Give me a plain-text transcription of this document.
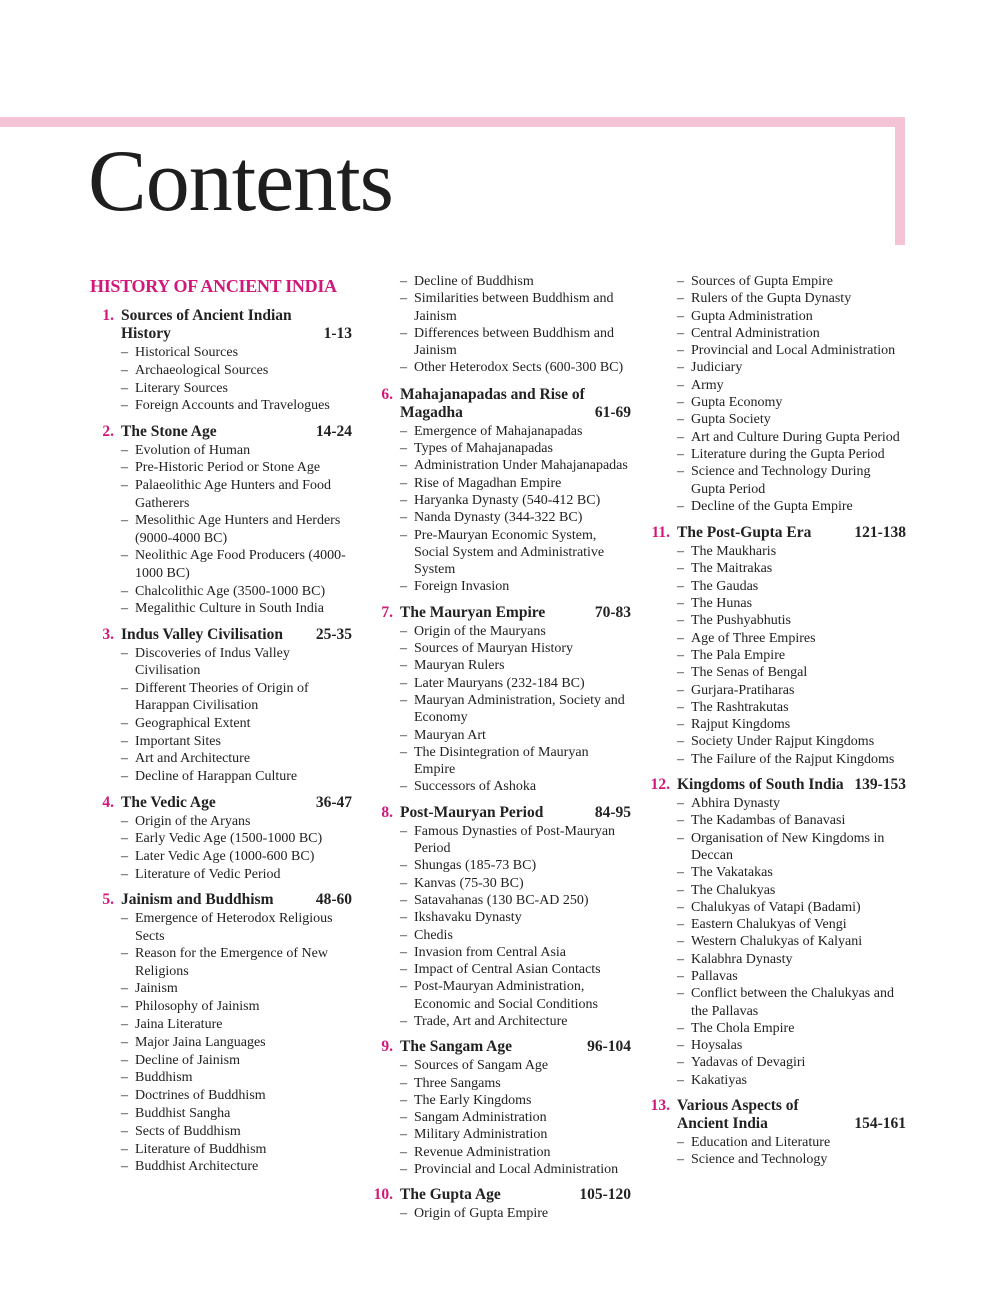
Contents
HISTORY OF ANCIENT INDIA
1. Sources of Ancient Indian History	1-13
– Historical Sources
– Archaeological Sources
– Literary Sources
– Foreign Accounts and Travelogues
2. The Stone Age	14-24
– Evolution of Human
– Pre-Historic Period or Stone Age
– Palaeolithic Age Hunters and Food Gatherers
– Mesolithic Age Hunters and Herders (9000-4000 BC)
– Neolithic Age Food Producers (4000-1000 BC)
– Chalcolithic Age (3500-1000 BC)
– Megalithic Culture in South India
3. Indus Valley Civilisation	25-35
– Discoveries of Indus Valley Civilisation
– Different Theories of Origin of Harappan Civilisation
– Geographical Extent
– Important Sites
– Art and Architecture
– Decline of Harappan Culture
4. The Vedic Age	36-47
– Origin of the Aryans
– Early Vedic Age (1500-1000 BC)
– Later Vedic Age (1000-600 BC)
– Literature of Vedic Period
5. Jainism and Buddhism	48-60
– Emergence of Heterodox Religious Sects
– Reason for the Emergence of New Religions
– Jainism
– Philosophy of Jainism
– Jaina Literature
– Major Jaina Languages
– Decline of Jainism
– Buddhism
– Doctrines of Buddhism
– Buddhist Sangha
– Sects of Buddhism
– Literature of Buddhism
– Buddhist Architecture
– Decline of Buddhism
– Similarities between Buddhism and Jainism
– Differences between Buddhism and Jainism
– Other Heterodox Sects (600-300 BC)
6. Mahajanapadas and Rise of Magadha	61-69
– Emergence of Mahajanapadas
– Types of Mahajanapadas
– Administration Under Mahajanapadas
– Rise of Magadhan Empire
– Haryanka Dynasty (540-412 BC)
– Nanda Dynasty (344-322 BC)
– Pre-Mauryan Economic System, Social System and Administrative System
– Foreign Invasion
7. The Mauryan Empire	70-83
– Origin of the Mauryans
– Sources of Mauryan History
– Mauryan Rulers
– Later Mauryans (232-184 BC)
– Mauryan Administration, Society and Economy
– Mauryan Art
– The Disintegration of Mauryan Empire
– Successors of Ashoka
8. Post-Mauryan Period	84-95
– Famous Dynasties of Post-Mauryan Period
– Shungas (185-73 BC)
– Kanvas (75-30 BC)
– Satavahanas (130 BC-AD 250)
– Ikshavaku Dynasty
– Chedis
– Invasion from Central Asia
– Impact of Central Asian Contacts
– Post-Mauryan Administration, Economic and Social Conditions
– Trade, Art and Architecture
9. The Sangam Age	96-104
– Sources of Sangam Age
– Three Sangams
– The Early Kingdoms
– Sangam Administration
– Military Administration
– Revenue Administration
– Provincial and Local Administration
10. The Gupta Age	105-120
– Origin of Gupta Empire
– Sources of Gupta Empire
– Rulers of the Gupta Dynasty
– Gupta Administration
– Central Administration
– Provincial and Local Administration
– Judiciary
– Army
– Gupta Economy
– Gupta Society
– Art and Culture During Gupta Period
– Literature during the Gupta Period
– Science and Technology During Gupta Period
– Decline of the Gupta Empire
11. The Post-Gupta Era	121-138
– The Maukharis
– The Maitrakas
– The Gaudas
– The Hunas
– The Pushyabhutis
– Age of Three Empires
– The Pala Empire
– The Senas of Bengal
– Gurjara-Pratiharas
– The Rashtrakutas
– Rajput Kingdoms
– Society Under Rajput Kingdoms
– The Failure of the Rajput Kingdoms
12. Kingdoms of South India 139-153
– Abhira Dynasty
– The Kadambas of Banavasi
– Organisation of New Kingdoms in Deccan
– The Vakatakas
– The Chalukyas
– Chalukyas of Vatapi (Badami)
– Eastern Chalukyas of Vengi
– Western Chalukyas of Kalyani
– Kalabhra Dynasty
– Pallavas
– Conflict between the Chalukyas and the Pallavas
– The Chola Empire
– Hoysalas
– Yadavas of Devagiri
– Kakatiyas
13. Various Aspects of Ancient India	154-161
– Education and Literature
– Science and Technology
